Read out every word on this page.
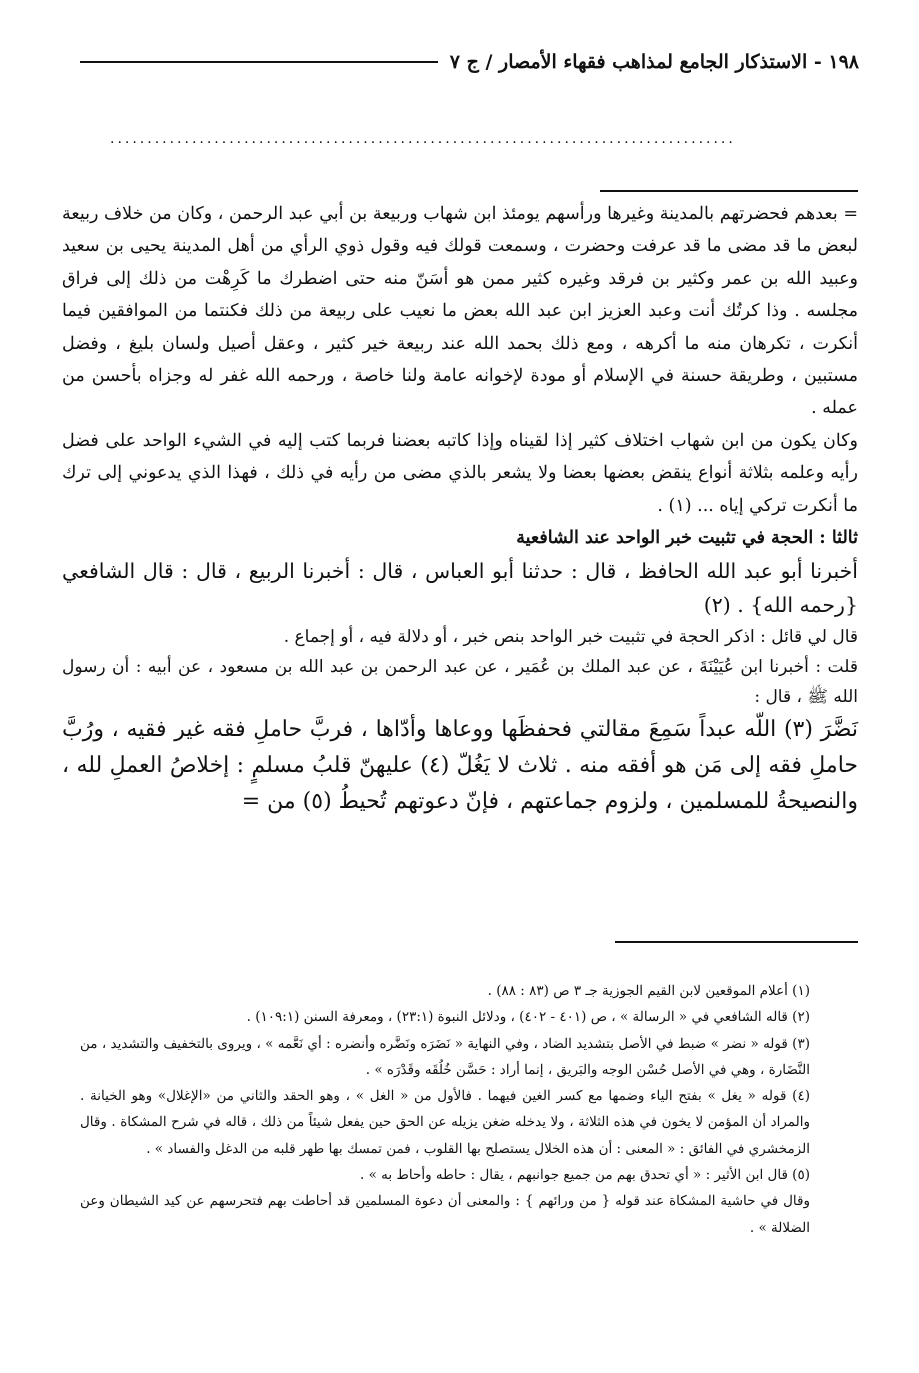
١٩٨ - الاستذكار الجامع لمذاهب فقهاء الأمصار / ج ٧
....................................................................................

= بعدهم فحضرتهم بالمدينة وغيرها ورأسهم يومئذ ابن شهاب وربيعة بن أبي عبد الرحمن ، وكان من خلاف ربيعة لبعض ما قد مضى ما قد عرفت وحضرت ، وسمعت قولك فيه وقول ذوي الرأي من أهل المدينة يحيى بن سعيد وعبيد الله بن عمر وكثير بن فرقد وغيره كثير ممن هو أسَنّ منه حتى اضطرك ما كَرِهْت من ذلك إلى فراق مجلسه . وذا كرتُك أنت وعبد العزيز ابن عبد الله بعض ما نعيب على ربيعة من ذلك فكنتما من الموافقين فيما أنكرت ، تكرهان منه ما أكرهه ، ومع ذلك بحمد الله عند ربيعة خير كثير ، وعقل أصيل ولسان بليغ ، وفضل مستبين ، وطريقة حسنة في الإسلام أو مودة لإخوانه عامة ولنا خاصة ، ورحمه الله غفر له وجزاه بأحسن من عمله .

وكان يكون من ابن شهاب اختلاف كثير إذا لقيناه وإذا كاتبه بعضنا فربما كتب إليه في الشيء الواحد على فضل رأيه وعلمه بثلاثة أنواع ينقض بعضها بعضا ولا يشعر بالذي مضى من رأيه في ذلك ، فهذا الذي يدعوني إلى ترك ما أنكرت تركي إياه ... (١) .

ثالثا : الحجة في تثبيت خبر الواحد عند الشافعية

أخبرنا أبو عبد الله الحافظ ، قال : حدثنا أبو العباس ، قال : أخبرنا الربيع ، قال : قال الشافعي {رحمه الله} . (٢)

قال لي قائل : اذكر الحجة في تثبيت خبر الواحد بنص خبر ، أو دلالة فيه ، أو إجماع .

قلت : أخبرنا ابن عُيَيْنَةَ ، عن عبد الملك بن عُمَير ، عن عبد الرحمن بن عبد الله بن مسعود ، عن أبيه : أن رسول الله ﷺ ، قال :

نَضَّرَ (٣) اللّه عبداً سَمِعَ مقالتي فحفظَها ووعاها وأدّاها ، فربَّ حاملِ فقه غير فقيه ، ورُبَّ حاملِ فقه إلى مَن هو أفقه منه . ثلاث لا يَغُلّ (٤) عليهنّ قلبُ مسلمٍ : إخلاصُ العملِ لله ، والنصيحةُ للمسلمين ، ولزوم جماعتهم ، فإنّ دعوتهم تُحيطُ (٥) من =

(١) أعلام الموقعين لابن القيم الجوزية جـ ٣ ص (٨٣ : ٨٨) .

(٢) قاله الشافعي في « الرسالة » ، ص (٤٠١ - ٤٠٢) ، ودلائل النبوة (٢٣:١) ، ومعرفة السنن (١٠٩:١) .

(٣) قوله « نضر » ضبط في الأصل بتشديد الضاد ، وفي النهاية « نَضَرَه ونَضَّره وأنضره : أي نَعَّمه » ، ويروى بالتخفيف والتشديد ، من النَّضَارة ، وهي في الأصل حُسْن الوجه والبَريق ، إنما أراد : حَسَّن خُلُقَه وقَدْرَه » .

(٤) قوله « يغل » بفتح الياء وضمها مع كسر الغين فيهما . فالأول من « الغل » ، وهو الحقد والثاني من «الإغلال» وهو الخيانة . والمراد أن المؤمن لا يخون في هذه الثلاثة ، ولا يدخله ضغن يزيله عن الحق حين يفعل شيئاً من ذلك ، قاله في شرح المشكاة . وقال الزمخشري في الفائق : « المعنى : أن هذه الخلال يستصلح بها القلوب ، فمن تمسك بها طهر قلبه من الدغل والفساد » .

(٥) قال ابن الأثير : « أي تحدق بهم من جميع جوانبهم ، يقال : حاطه وأحاط به » .

وقال في حاشية المشكاة عند قوله { من ورائهم } : والمعنى أن دعوة المسلمين قد أحاطت بهم فتحرسهم عن كيد الشيطان وعن الضلالة » .
